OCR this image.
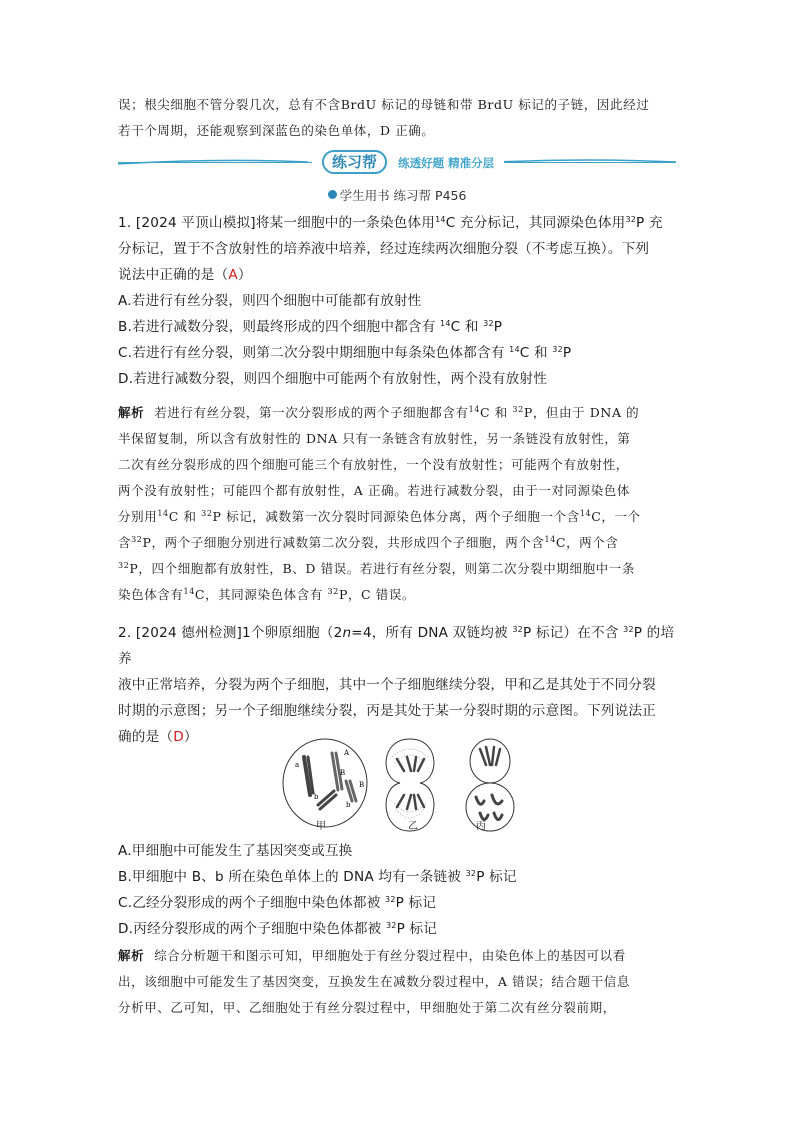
误；根尖细胞不管分裂几次，总有不含BrdU 标记的母链和带 BrdU 标记的子链，因此经过
若干个周期，还能观察到深蓝色的染色单体，D 正确。
练习帮 练透好题 精准分层
学生用书 练习帮 P456
1. [2024 平顶山模拟]将某一细胞中的一条染色体用$^{14}$C 充分标记，其同源染色体用$^{32}$P 充
分标记，置于不含放射性的培养液中培养，经过连续两次细胞分裂（不考虑互换）。下列
说法中正确的是（A）
A.若进行有丝分裂，则四个细胞中可能都有放射性
B.若进行减数分裂，则最终形成的四个细胞中都含有 $^{14}$C 和 $^{32}$P
C.若进行有丝分裂，则第二次分裂中期细胞中每条染色体都含有 $^{14}$C 和 $^{32}$P
D.若进行减数分裂，则四个细胞中可能两个有放射性，两个没有放射性
解析 若进行有丝分裂，第一次分裂形成的两个子细胞都含有$^{14}$C 和 $^{32}$P，但由于 DNA 的
半保留复制，所以含有放射性的 DNA 只有一条链含有放射性，另一条链没有放射性，第
二次有丝分裂形成的四个细胞可能三个有放射性，一个没有放射性；可能两个有放射性，
两个没有放射性；可能四个都有放射性，A 正确。若进行减数分裂，由于一对同源染色体
分别用$^{14}$C 和 $^{32}$P 标记，减数第一次分裂时同源染色体分离，两个子细胞一个含$^{14}$C，一个
含$^{32}$P，两个子细胞分别进行减数第二次分裂，共形成四个子细胞，两个含$^{14}$C，两个含
$^{32}$P，四个细胞都有放射性，B、D 错误。若进行有丝分裂，则第二次分裂中期细胞中一条
染色体含有$^{14}$C，其同源染色体含有 $^{32}$P，C 错误。
2. [2024 德州检测]1个卵原细胞（2n=4，所有 DNA 双链均被 $^{32}$P 标记）在不含 $^{32}$P 的培养
液中正常培养，分裂为两个子细胞，其中一个子细胞继续分裂，甲和乙是其处于不同分裂
时期的示意图；另一个子细胞继续分裂，丙是其处于某一分裂时期的示意图。下列说法正
确的是（D）
a
A
B
B
b
b
甲	乙	丙
A.甲细胞中可能发生了基因突变或互换
B.甲细胞中 B、b 所在染色单体上的 DNA 均有一条链被 $^{32}$P 标记
C.乙经分裂形成的两个子细胞中染色体都被 $^{32}$P 标记
D.丙经分裂形成的两个子细胞中染色体都被 $^{32}$P 标记
解析 综合分析题干和图示可知，甲细胞处于有丝分裂过程中，由染色体上的基因可以看
出，该细胞中可能发生了基因突变，互换发生在减数分裂过程中，A 错误；结合题干信息
分析甲、乙可知，甲、乙细胞处于有丝分裂过程中，甲细胞处于第二次有丝分裂前期，
